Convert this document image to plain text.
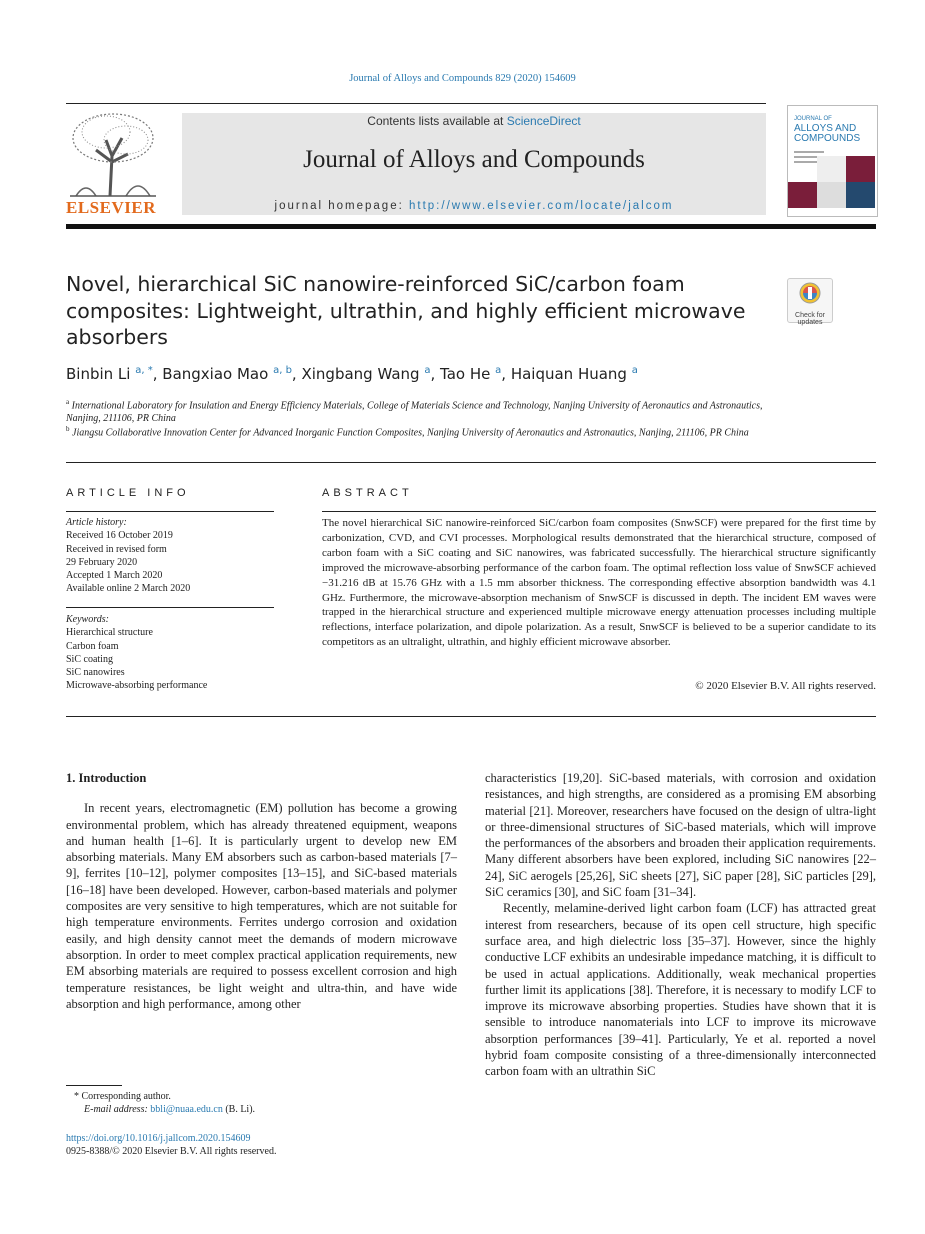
Journal of Alloys and Compounds 829 (2020) 154609
ELSEVIER
Contents lists available at ScienceDirect
Journal of Alloys and Compounds
journal homepage: http://www.elsevier.com/locate/jalcom
JOURNAL OF
ALLOYS AND
COMPOUNDS
Novel, hierarchical SiC nanowire-reinforced SiC/carbon foam composites: Lightweight, ultrathin, and highly efficient microwave absorbers
Check for updates
Binbin Li $^{a, *}$, Bangxiao Mao $^{a, b}$, Xingbang Wang $^a$, Tao He $^a$, Haiquan Huang $^a$
$^a$ International Laboratory for Insulation and Energy Efficiency Materials, College of Materials Science and Technology, Nanjing University of Aeronautics and Astronautics, Nanjing, 211106, PR China
$^b$ Jiangsu Collaborative Innovation Center for Advanced Inorganic Function Composites, Nanjing University of Aeronautics and Astronautics, Nanjing, 211106, PR China
ARTICLE INFO
Article history:
Received 16 October 2019
Received in revised form
29 February 2020
Accepted 1 March 2020
Available online 2 March 2020
Keywords:
Hierarchical structure
Carbon foam
SiC coating
SiC nanowires
Microwave-absorbing performance
ABSTRACT
The novel hierarchical SiC nanowire-reinforced SiC/carbon foam composites (SnwSCF) were prepared for the first time by carbonization, CVD, and CVI processes. Morphological results demonstrated that the hierarchical structure, composed of carbon foam with a SiC coating and SiC nanowires, was fabricated successfully. The hierarchical structure significantly improved the microwave-absorbing performance of the carbon foam. The optimal reflection loss value of SnwSCF achieved −31.216 dB at 15.76 GHz with a 1.5 mm absorber thickness. The corresponding effective absorption bandwidth was 4.1 GHz. Furthermore, the microwave-absorption mechanism of SnwSCF is discussed in depth. The incident EM waves were trapped in the hierarchical structure and experienced multiple microwave energy attenuation processes including multiple reflections, interface polarization, and dipole polarization. As a result, SnwSCF is believed to be a superior candidate to its competitors as an ultralight, ultrathin, and highly efficient microwave absorber.
© 2020 Elsevier B.V. All rights reserved.

1. Introduction

In recent years, electromagnetic (EM) pollution has become a growing environmental problem, which has already threatened equipment, weapons and human health [1–6]. It is particularly urgent to develop new EM absorbing materials. Many EM absorbers such as carbon-based materials [7–9], ferrites [10–12], polymer composites [13–15], and SiC-based materials [16–18] have been developed. However, carbon-based materials and polymer composites are very sensitive to high temperatures, which are not suitable for high temperature environments. Ferrites undergo corrosion and oxidation easily, and high density cannot meet the demands of modern microwave absorption. In order to meet complex practical application requirements, new EM absorbing materials are required to possess excellent corrosion and high temperature resistances, be light weight and ultra-thin, and have wide absorption and high performance, among other

characteristics [19,20]. SiC-based materials, with corrosion and oxidation resistances, and high strengths, are considered as a promising EM absorbing material [21]. Moreover, researchers have focused on the design of ultra-light or three-dimensional structures of SiC-based materials, which will improve the performances of the absorbers and broaden their application requirements. Many different absorbers have been explored, including SiC nanowires [22–24], SiC aerogels [25,26], SiC sheets [27], SiC paper [28], SiC particles [29], SiC ceramics [30], and SiC foam [31–34].

Recently, melamine-derived light carbon foam (LCF) has attracted great interest from researchers, because of its open cell structure, high specific surface area, and high dielectric loss [35–37]. However, since the highly conductive LCF exhibits an undesirable impedance matching, it is difficult to be used in actual applications. Additionally, weak mechanical properties further limit its applications [38]. Therefore, it is necessary to modify LCF to improve its microwave absorbing properties. Studies have shown that it is sensible to introduce nanomaterials into LCF to improve its microwave absorption performances [39–41]. Particularly, Ye et al. reported a novel hybrid foam composite consisting of a three-dimensionally interconnected carbon foam with an ultrathin SiC

* Corresponding author.
E-mail address: bbli@nuaa.edu.cn (B. Li).
https://doi.org/10.1016/j.jallcom.2020.154609
0925-8388/© 2020 Elsevier B.V. All rights reserved.
